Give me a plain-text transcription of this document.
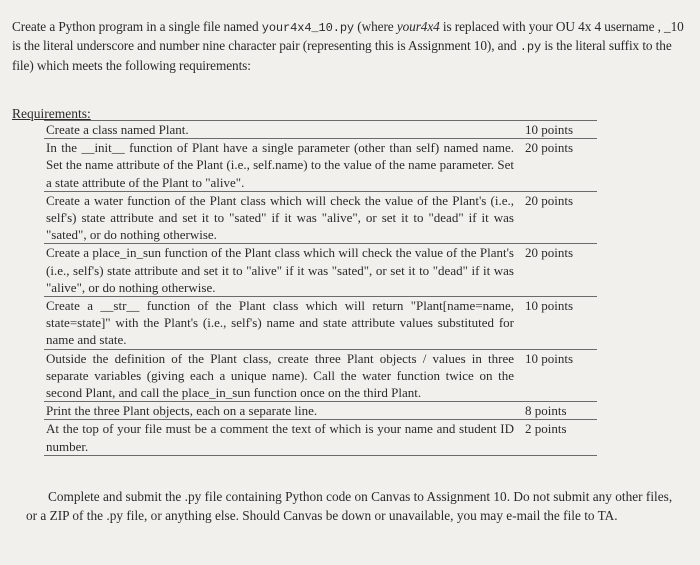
Create a Python program in a single file named your4x4_10.py (where your4x4 is replaced with your OU 4x 4 username , _10 is the literal underscore and number nine character pair (representing this is Assignment 10), and .py is the literal suffix to the file) which meets the following requirements:
Requirements:
Create a class named Plant.	10 points
In the __init__ function of Plant have a single parameter (other than self) named name. Set the name attribute of the Plant (i.e., self.name) to the value of the name parameter. Set a state attribute of the Plant to "alive".
20 points
Create a water function of the Plant class which will check the value of the Plant's (i.e., self's) state attribute and set it to "sated" if it was "alive", or set it to "dead" if it was "sated", or do nothing otherwise.
20 points
Create a place_in_sun function of the Plant class which will check the value of the Plant's (i.e., self's) state attribute and set it to "alive" if it was "sated", or set it to "dead" if it was "alive", or do nothing otherwise.
20 points
Create a __str__ function of the Plant class which will return "Plant[name=name, state=state]" with the Plant's (i.e., self's) name and state attribute values substituted for name and state.
10 points
Outside the definition of the Plant class, create three Plant objects / values in three separate variables (giving each a unique name). Call the water function twice on the second Plant, and call the place_in_sun function once on the third Plant.
10 points
Print the three Plant objects, each on a separate line.	8 points
At the top of your file must be a comment the text of which is your name and student ID number.
2 points
Complete and submit the .py file containing Python code on Canvas to Assignment 10. Do not submit any other files, or a ZIP of the .py file, or anything else. Should Canvas be down or unavailable, you may e-mail the file to TA.
